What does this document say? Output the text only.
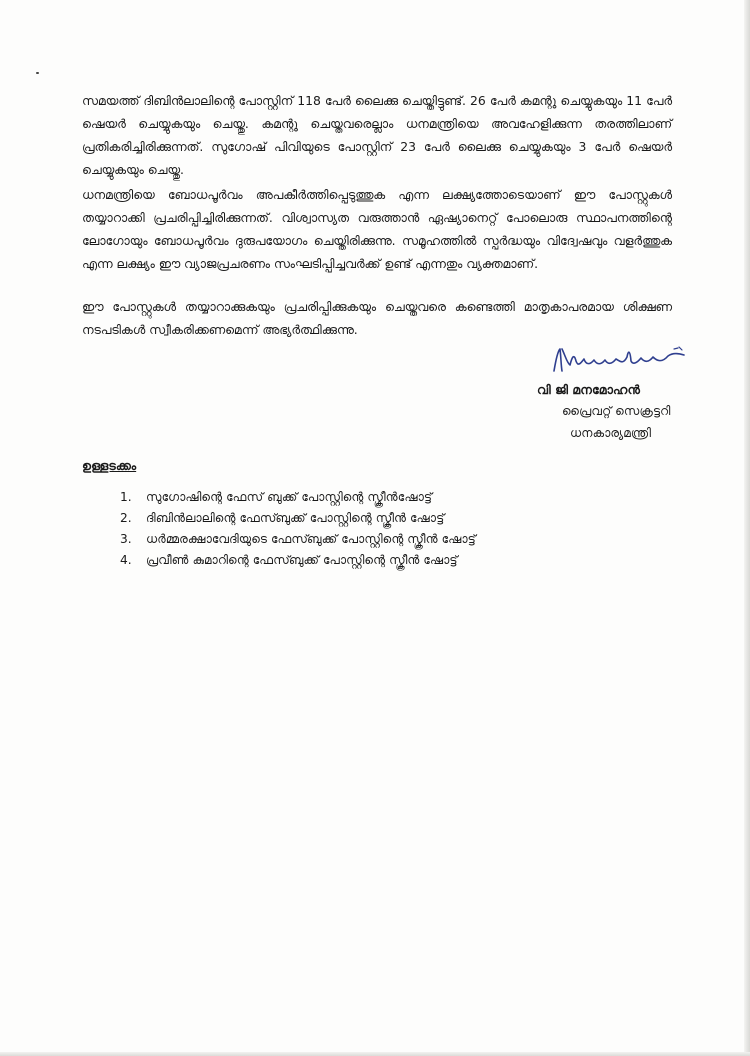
സമയത്ത് ദിബിൻലാലിന്റെ പോസ്റ്റിന് 118 പേർ ലൈക്കു ചെയ്തിട്ടുണ്ട്. 26 പേർ കമന്റു ചെയ്യുകയും 11 പേർ ഷെയർ ചെയ്യുകയും ചെയ്തു. കമന്റു ചെയ്തവരെല്ലാം ധനമന്ത്രിയെ അവഹേളിക്കുന്ന തരത്തിലാണ് പ്രതികരിച്ചിരിക്കുന്നത്. സുഗോഷ് പിവിയുടെ പോസ്റ്റിന് 23 പേർ ലൈക്കു ചെയ്യുകയും 3 പേർ ഷെയർ ചെയ്യുകയും ചെയ്തു.

ധനമന്ത്രിയെ ബോധപൂർവം അപകീർത്തിപ്പെടുത്തുക എന്ന ലക്ഷ്യത്തോടെയാണ് ഈ പോസ്റ്റുകൾ തയ്യാറാക്കി പ്രചരിപ്പിച്ചിരിക്കുന്നത്. വിശ്വാസ്യത വരുത്താൻ ഏഷ്യാനെറ്റ് പോലൊരു സ്ഥാപനത്തിന്റെ ലോഗോയും ബോധപൂർവം ദുരുപയോഗം ചെയ്തിരിക്കുന്നു. സമൂഹത്തിൽ സ്പർദ്ധയും വിദ്വേഷവും വളർത്തുക എന്ന ലക്ഷ്യം ഈ വ്യാജപ്രചരണം സംഘടിപ്പിച്ചവർക്ക് ഉണ്ട് എന്നതും വ്യക്തമാണ്.

ഈ പോസ്റ്റുകൾ തയ്യാറാക്കുകയും പ്രചരിപ്പിക്കുകയും ചെയ്തവരെ കണ്ടെത്തി മാതൃകാപരമായ ശിക്ഷണ നടപടികൾ സ്വീകരിക്കണമെന്ന് അഭ്യർത്ഥിക്കുന്നു.

വി ജി മനമോഹൻ
പ്രൈവറ്റ് സെക്രട്ടറി
ധനകാര്യമന്ത്രി
ഉള്ളടക്കം
1. സുഗോഷിന്റെ ഫേസ് ബുക്ക് പോസ്റ്റിന്റെ സ്ക്രീൻഷോട്ട്
2. ദിബിൻലാലിന്റെ ഫേസ്ബുക്ക് പോസ്റ്റിന്റെ സ്ക്രീൻ ഷോട്ട്
3. ധർമ്മരക്ഷാവേദിയുടെ ഫേസ്ബുക്ക് പോസ്റ്റിന്റെ സ്ക്രീൻ ഷോട്ട്
4. പ്രവീൺ കുമാറിന്റെ ഫേസ്ബുക്ക് പോസ്റ്റിന്റെ സ്ക്രീൻ ഷോട്ട്
